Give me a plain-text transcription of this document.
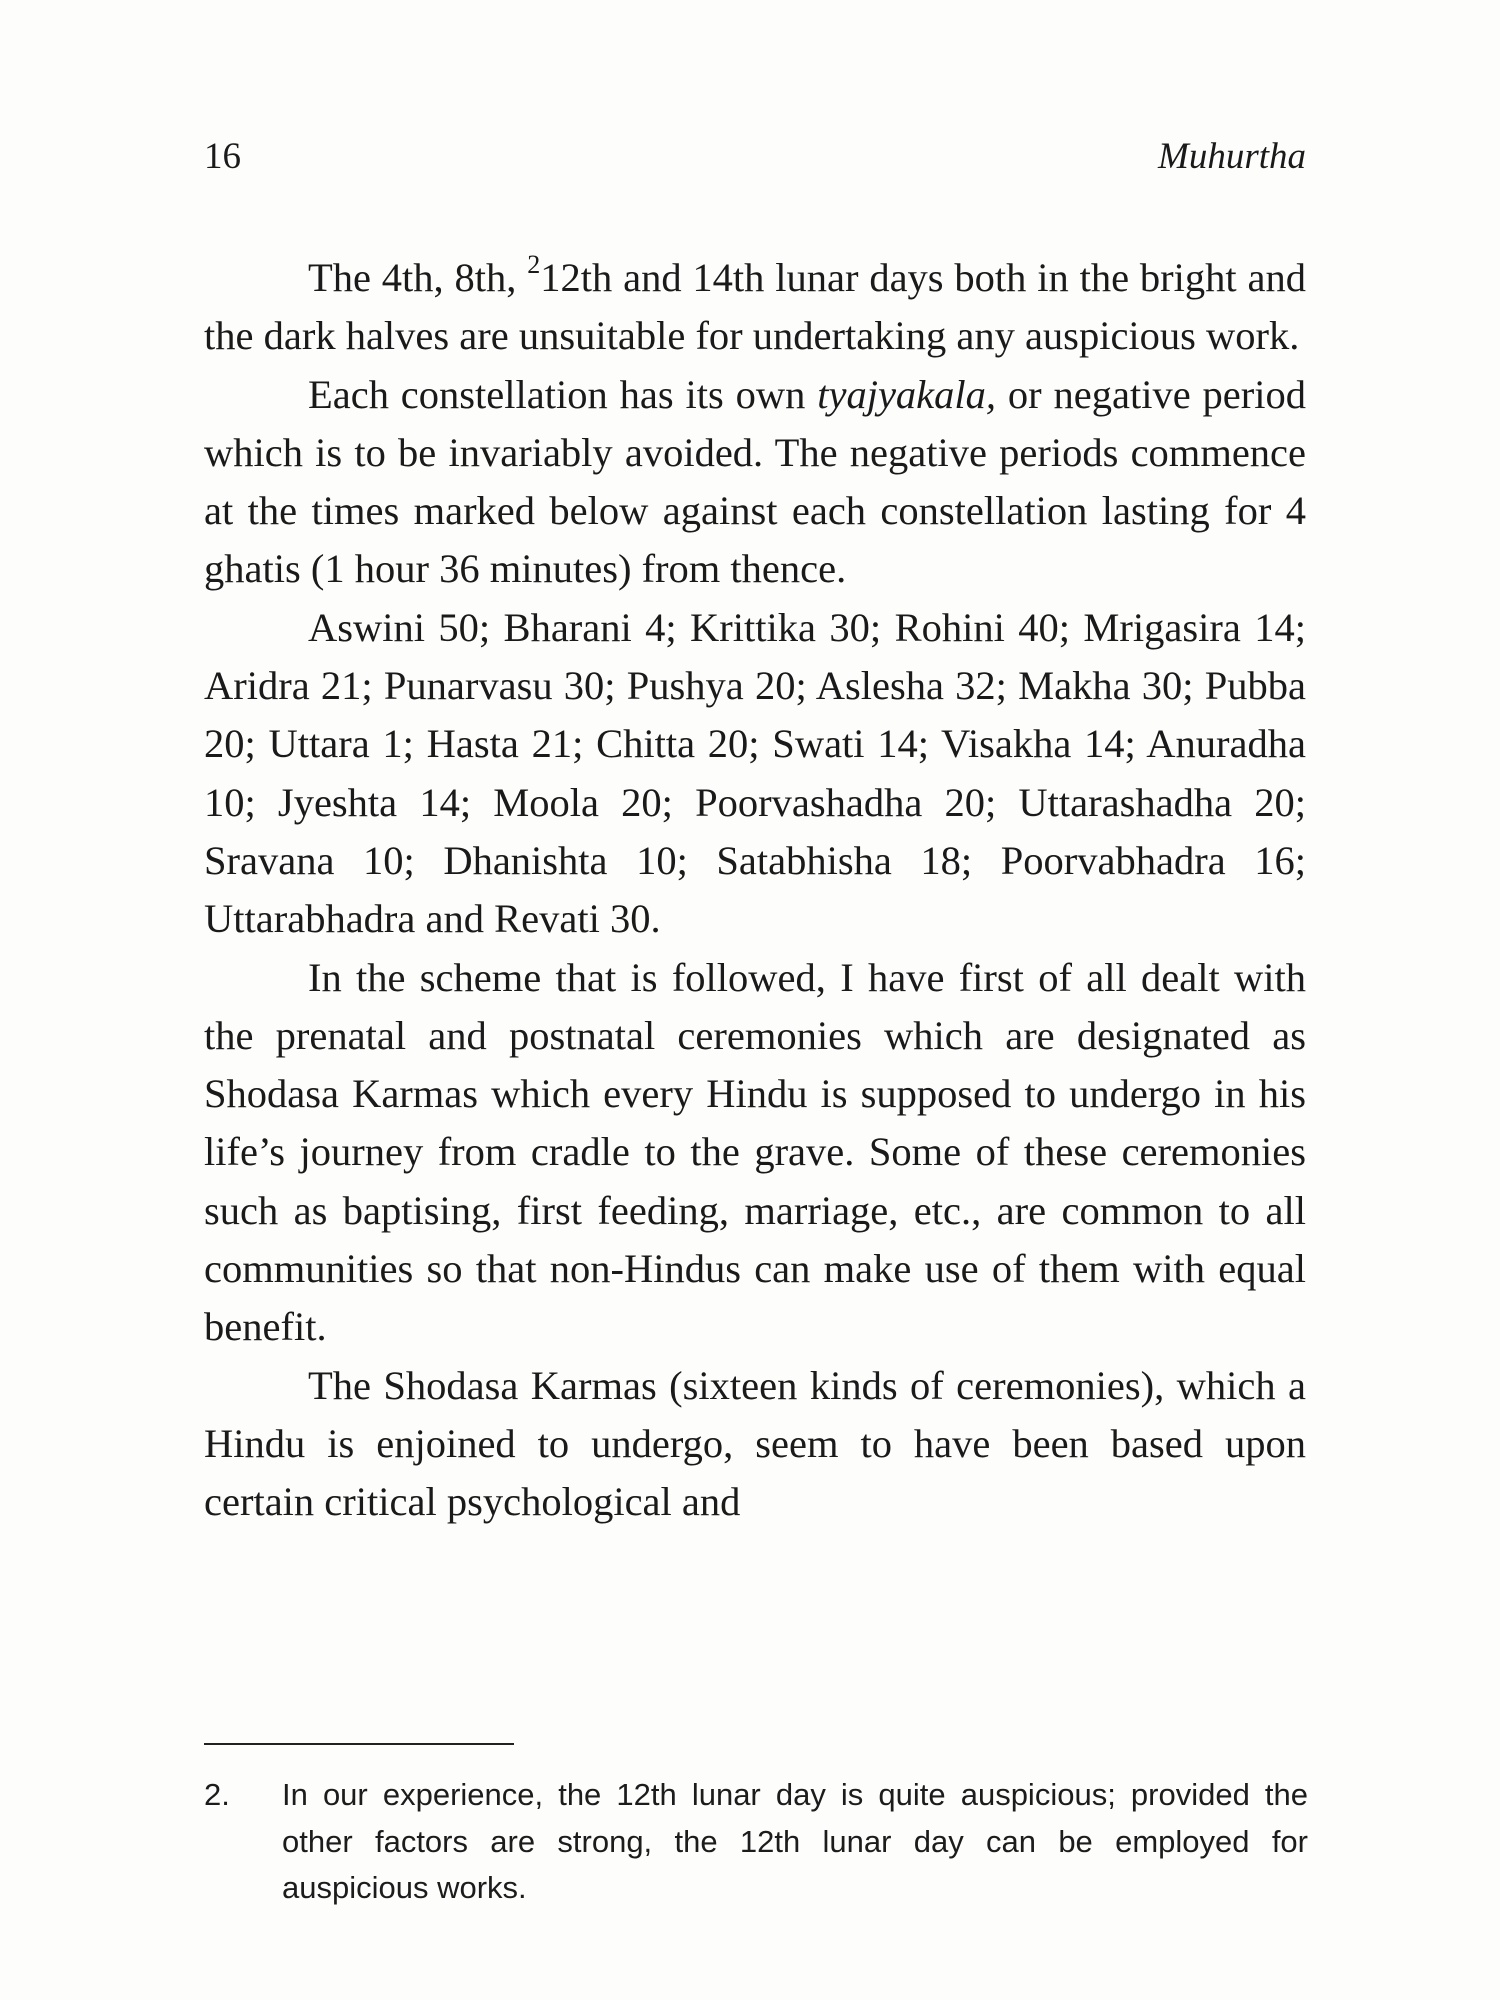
16	Muhurtha

The 4th, 8th, $^2$12th and 14th lunar days both in the bright and the dark halves are unsuitable for undertaking any auspicious work.

Each constellation has its own tyajyakala, or negative period which is to be invariably avoided. The negative periods commence at the times marked below against each constellation lasting for 4 ghatis (1 hour 36 minutes) from thence.

Aswini 50; Bharani 4; Krittika 30; Rohini 40; Mrigasira 14; Aridra 21; Punarvasu 30; Pushya 20; Aslesha 32; Makha 30; Pubba 20; Uttara 1; Hasta 21; Chitta 20; Swati 14; Visakha 14; Anuradha 10; Jyeshta 14; Moola 20; Poorvashadha 20; Uttarashadha 20; Sravana 10; Dhanishta 10; Satabhisha 18; Poorvabhadra 16; Uttarabhadra and Revati 30.

In the scheme that is followed, I have first of all dealt with the prenatal and postnatal ceremonies which are designated as Shodasa Karmas which every Hindu is supposed to undergo in his life’s journey from cradle to the grave. Some of these ceremonies such as baptising, first feeding, marriage, etc., are common to all communities so that non-Hindus can make use of them with equal benefit.

The Shodasa Karmas (sixteen kinds of ceremonies), which a Hindu is enjoined to undergo, seem to have been based upon certain critical psychological and

2. In our experience, the 12th lunar day is quite auspicious; provided the other factors are strong, the 12th lunar day can be employed for auspicious works.
